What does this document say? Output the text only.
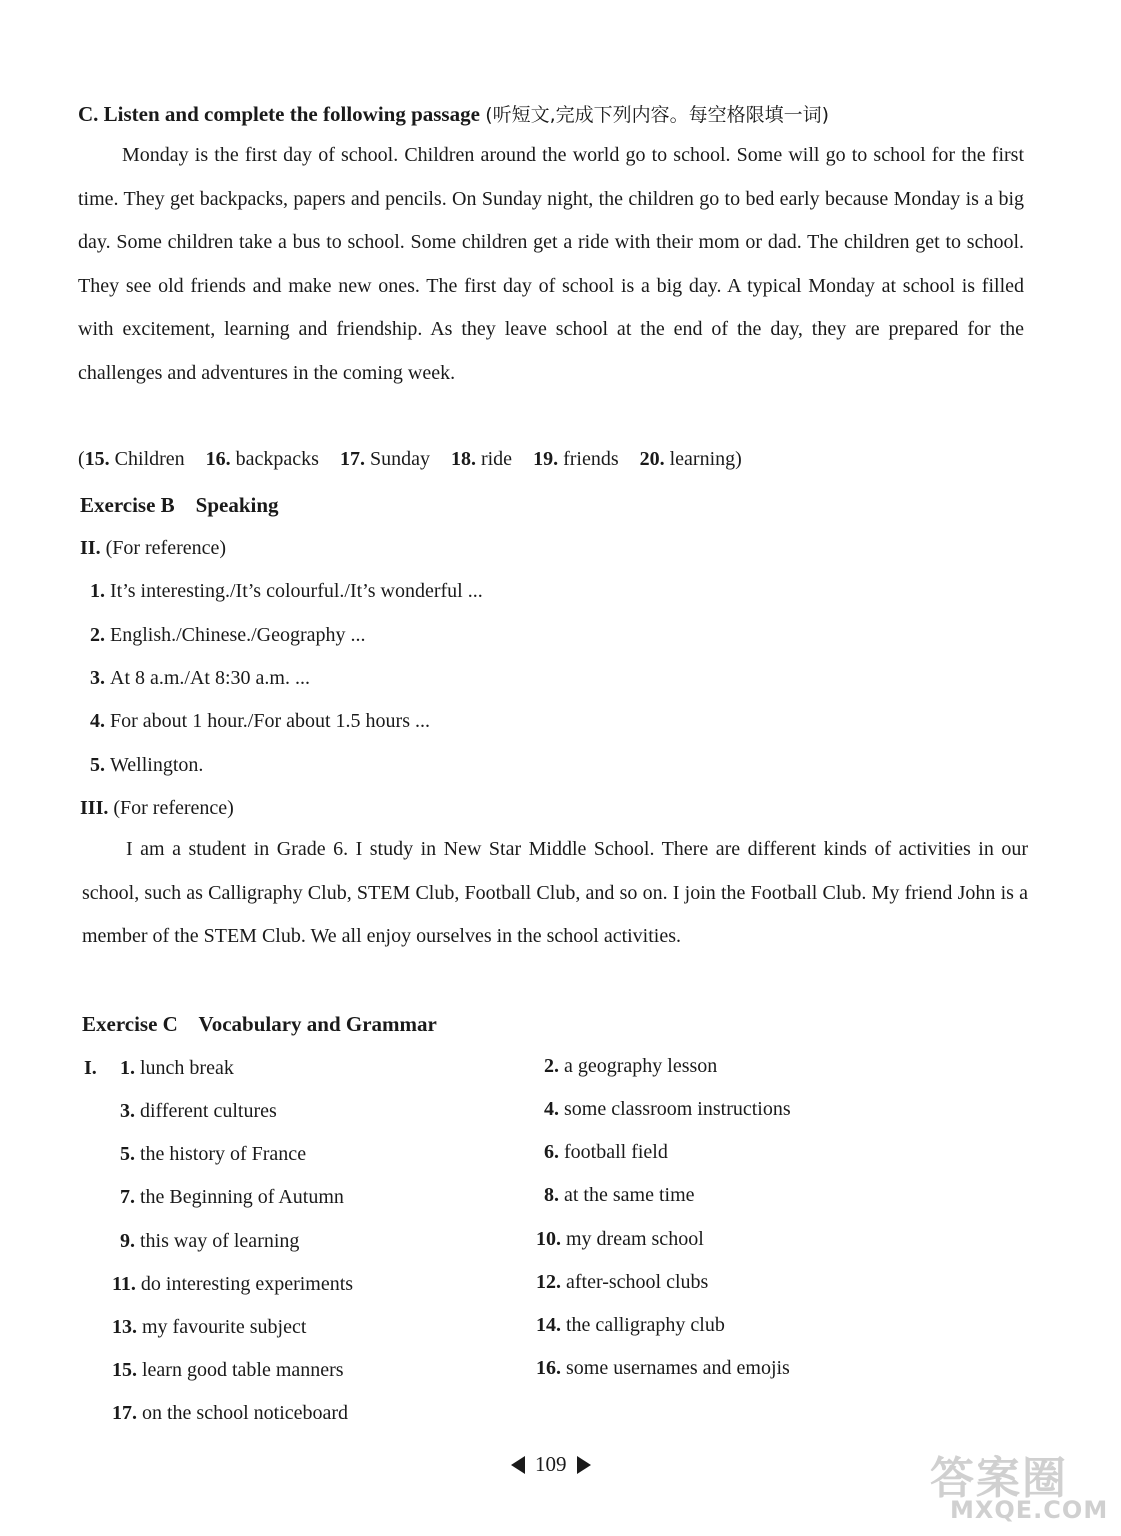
C. Listen and complete the following passage (听短文,完成下列内容。每空格限填一词)
Monday is the first day of school. Children around the world go to school. Some will go to school for the first time. They get backpacks, papers and pencils. On Sunday night, the children go to bed early because Monday is a big day. Some children take a bus to school. Some children get a ride with their mom or dad. The children get to school. They see old friends and make new ones. The first day of school is a big day. A typical Monday at school is filled with excitement, learning and friendship. As they leave school at the end of the day, they are prepared for the challenges and adventures in the coming week.
(15. Children 16. backpacks 17. Sunday 18. ride 19. friends 20. learning)
Exercise B    Speaking
II. (For reference)
1. It’s interesting./It’s colourful./It’s wonderful ...
2. English./Chinese./Geography ...
3. At 8 a.m./At 8:30 a.m. ...
4. For about 1 hour./For about 1.5 hours ...
5. Wellington.
III. (For reference)
I am a student in Grade 6. I study in New Star Middle School. There are different kinds of activities in our school, such as Calligraphy Club, STEM Club, Football Club, and so on. I join the Football Club. My friend John is a member of the STEM Club. We all enjoy ourselves in the school activities.
Exercise C    Vocabulary and Grammar
I. 1. lunch break
3. different cultures
5. the history of France
7. the Beginning of Autumn
9. this way of learning
11. do interesting experiments
13. my favourite subject
15. learn good table manners
17. on the school noticeboard
2. a geography lesson
4. some classroom instructions
6. football field
8. at the same time
10. my dream school
12. after-school clubs
14. the calligraphy club
16. some usernames and emojis
109	答案圈
MXQE.COM
